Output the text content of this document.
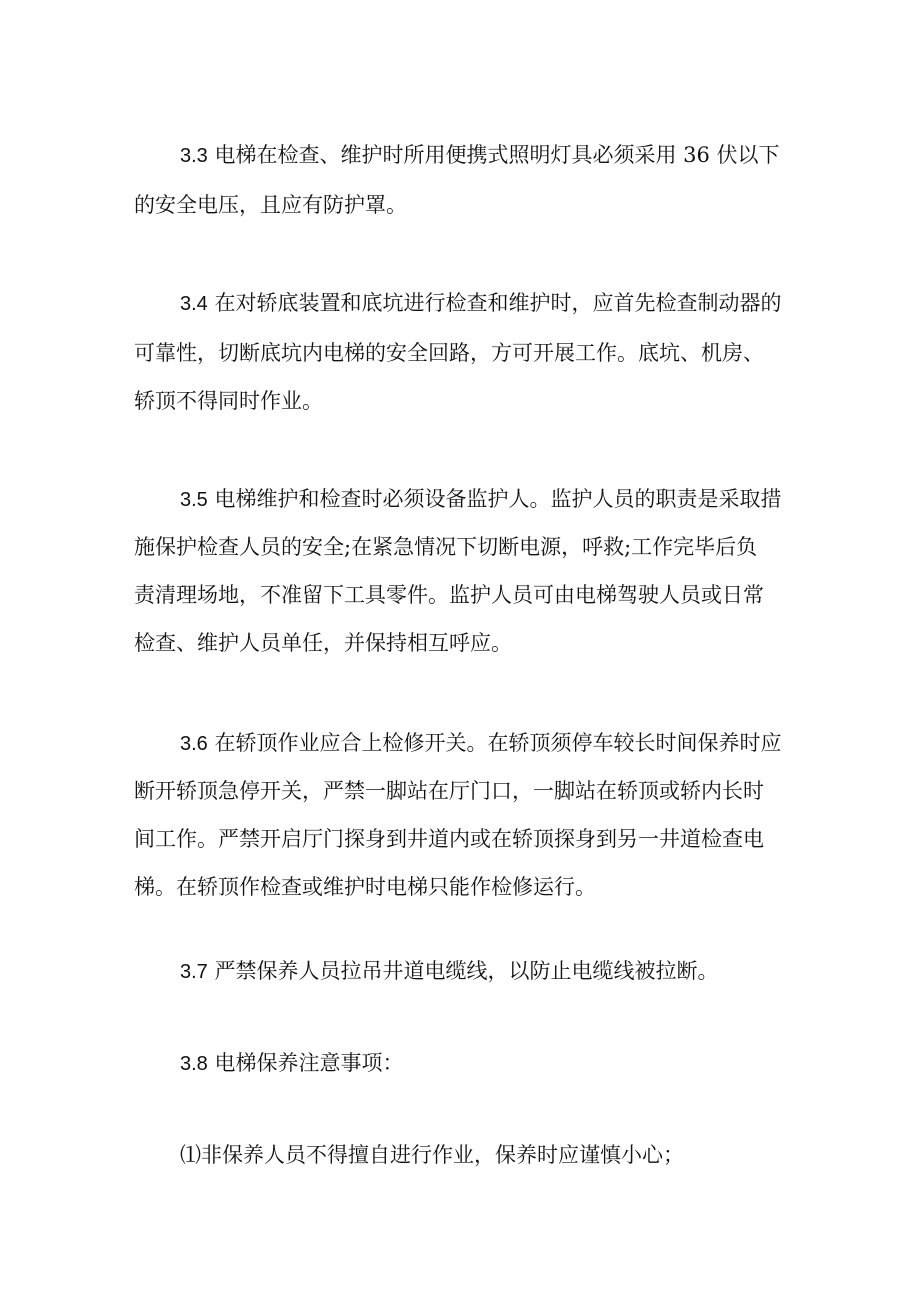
3.3 电梯在检查、维护时所用便携式照明灯具必须采用 36 伏以下
的安全电压，且应有防护罩。
3.4 在对轿底装置和底坑进行检查和维护时，应首先检查制动器的
可靠性，切断底坑内电梯的安全回路，方可开展工作。底坑、机房、
轿顶不得同时作业。
3.5 电梯维护和检查时必须设备监护人。监护人员的职责是采取措
施保护检查人员的安全;在紧急情况下切断电源，呼救;工作完毕后负
责清理场地，不准留下工具零件。监护人员可由电梯驾驶人员或日常
检查、维护人员单任，并保持相互呼应。
3.6 在轿顶作业应合上检修开关。在轿顶须停车较长时间保养时应
断开轿顶急停开关，严禁一脚站在厅门口，一脚站在轿顶或轿内长时
间工作。严禁开启厅门探身到井道内或在轿顶探身到另一井道检查电
梯。在轿顶作检查或维护时电梯只能作检修运行。
3.7 严禁保养人员拉吊井道电缆线，以防止电缆线被拉断。
3.8 电梯保养注意事项：
⑴非保养人员不得擅自进行作业，保养时应谨慎小心；
